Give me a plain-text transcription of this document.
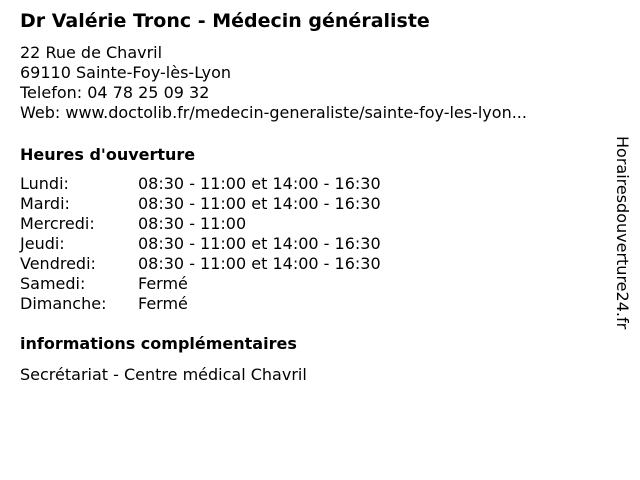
Dr Valérie Tronc - Médecin généraliste
22 Rue de Chavril
69110 Sainte-Foy-lès-Lyon
Telefon: 04 78 25 09 32
Web: www.doctolib.fr/medecin-generaliste/sainte-foy-les-lyon...
Heures d'ouverture
Lundi:	08:30 - 11:00 et 14:00 - 16:30
Mardi:	08:30 - 11:00 et 14:00 - 16:30
Mercredi:	08:30 - 11:00
Jeudi:	08:30 - 11:00 et 14:00 - 16:30
Vendredi:	08:30 - 11:00 et 14:00 - 16:30
Samedi:	Fermé
Dimanche:	Fermé
informations complémentaires
Secrétariat - Centre médical Chavril
Horairesdouverture24.fr
